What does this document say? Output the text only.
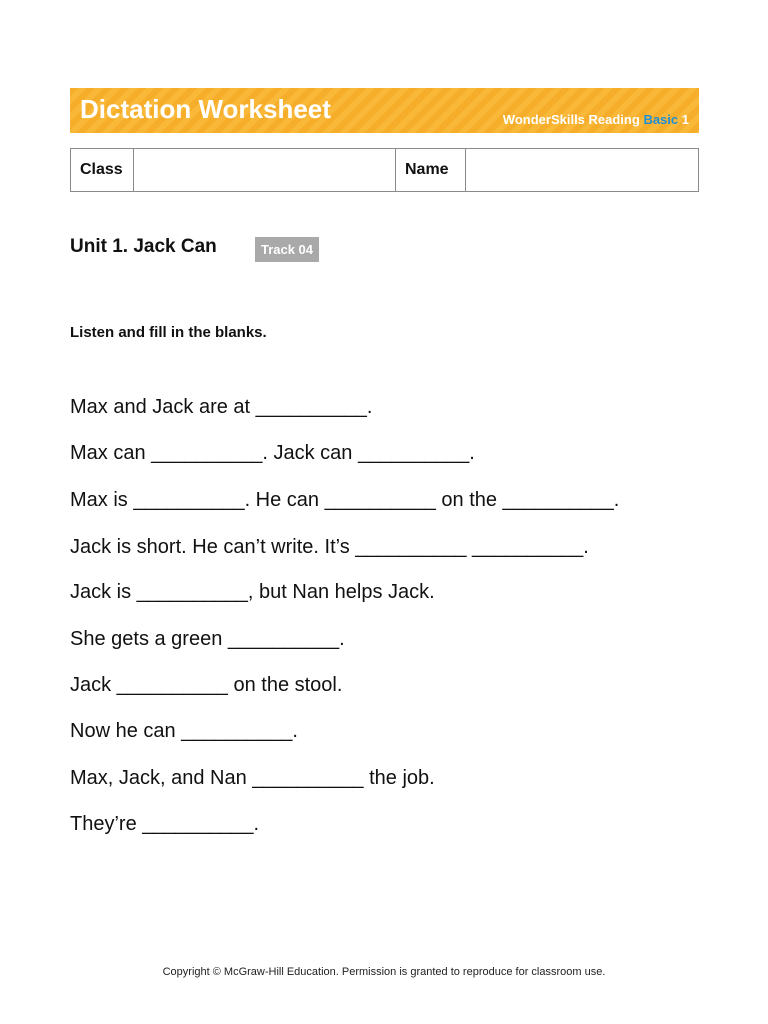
Dictation Worksheet	WonderSkills Reading Basic 1
Class		Name	
Unit 1. Jack Can	Track 04
Listen and fill in the blanks.
Max and Jack are at __________.
Max can __________. Jack can __________.
Max is __________. He can __________ on the __________.
Jack is short. He can’t write. It’s __________ __________.
Jack is __________, but Nan helps Jack.
She gets a green __________.
Jack __________ on the stool.
Now he can __________.
Max, Jack, and Nan __________ the job.
They’re __________.
Copyright © McGraw-Hill Education. Permission is granted to reproduce for classroom use.
